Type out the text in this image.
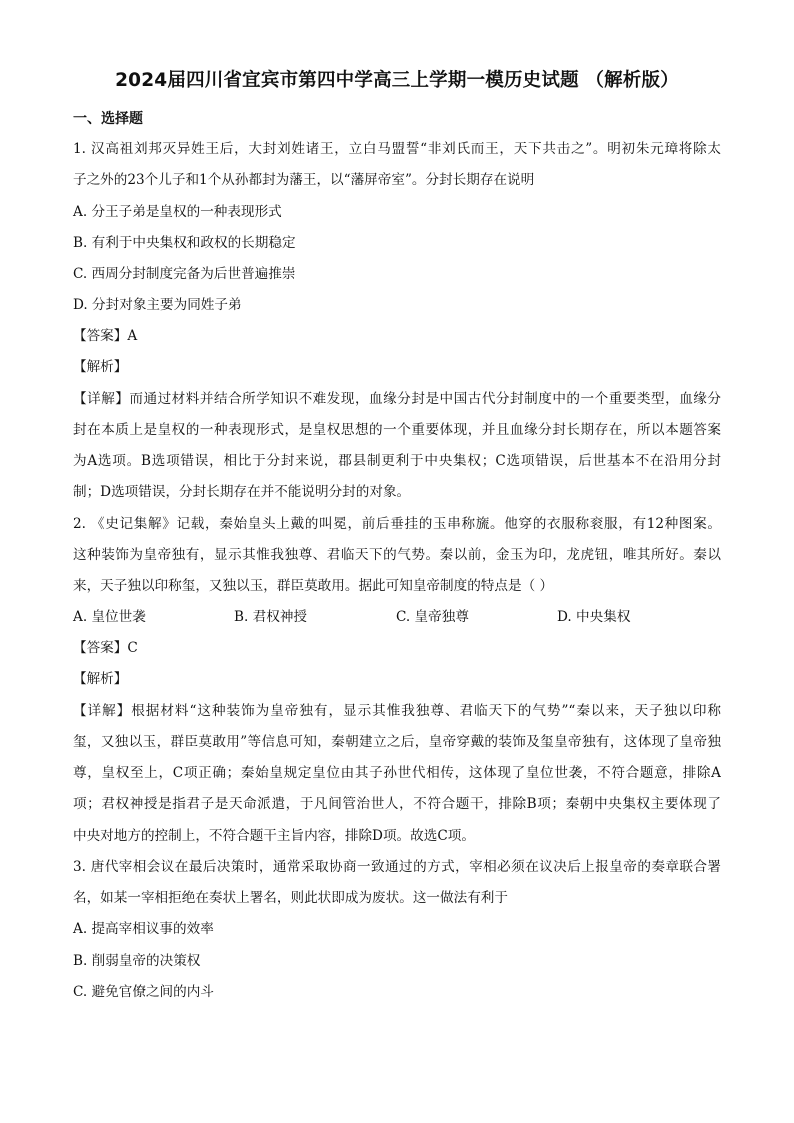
2024届四川省宜宾市第四中学高三上学期一模历史试题 （解析版）
一、选择题
1. 汉高祖刘邦灭异姓王后，大封刘姓诸王，立白马盟誓“非刘氏而王，天下共击之”。明初朱元璋将除太
子之外的23个儿子和1个从孙都封为藩王，以“藩屏帝室”。分封长期存在说明
A. 分王子弟是皇权的一种表现形式
B. 有利于中央集权和政权的长期稳定
C. 西周分封制度完备为后世普遍推崇
D. 分封对象主要为同姓子弟
【答案】A
【解析】
【详解】而通过材料并结合所学知识不难发现，血缘分封是中国古代分封制度中的一个重要类型，血缘分
封在本质上是皇权的一种表现形式，是皇权思想的一个重要体现，并且血缘分封长期存在，所以本题答案
为A选项。B选项错误，相比于分封来说，郡县制更利于中央集权；C选项错误，后世基本不在沿用分封
制；D选项错误，分封长期存在并不能说明分封的对象。
2. 《史记集解》记载，秦始皇头上戴的叫冕，前后垂挂的玉串称旒。他穿的衣服称衮服，有12种图案。
这种装饰为皇帝独有，显示其惟我独尊、君临天下的气势。秦以前，金玉为印，龙虎钮，唯其所好。秦以
来，天子独以印称玺，又独以玉，群臣莫敢用。据此可知皇帝制度的特点是（ ）
A. 皇位世袭	B. 君权神授	C. 皇帝独尊	D. 中央集权
【答案】C
【解析】
【详解】根据材料“这种装饰为皇帝独有，显示其惟我独尊、君临天下的气势”“秦以来，天子独以印称
玺，又独以玉，群臣莫敢用”等信息可知，秦朝建立之后，皇帝穿戴的装饰及玺皇帝独有，这体现了皇帝独
尊，皇权至上，C项正确；秦始皇规定皇位由其子孙世代相传，这体现了皇位世袭，不符合题意，排除A
项；君权神授是指君子是天命派遣，于凡间管治世人，不符合题干，排除B项；秦朝中央集权主要体现了
中央对地方的控制上，不符合题干主旨内容，排除D项。故选C项。
3. 唐代宰相会议在最后决策时，通常采取协商一致通过的方式，宰相必须在议决后上报皇帝的奏章联合署
名，如某一宰相拒绝在奏状上署名，则此状即成为废状。这一做法有利于
A. 提高宰相议事的效率
B. 削弱皇帝的决策权
C. 避免官僚之间的内斗
